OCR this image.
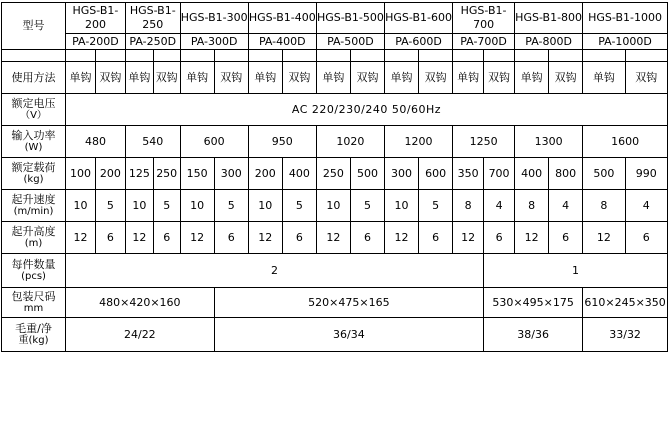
型号	HGS-B1-200		HGS-B1-250		HGS-B1-300		HGS-B1-400		HGS-B1-500		HGS-B1-600		HGS-B1-700		HGS-B1-800		HGS-B1-1000	
	PA-200D		PA-250D		PA-300D		PA-400D		PA-500D		PA-600D		PA-700D		PA-800D		PA-1000D	

使用方法	单钩	双钩	单钩	双钩	单钩	双钩	单钩	双钩	单钩	双钩	单钩	双钩	单钩	双钩	单钩	双钩	单钩	双钩
额定电压
（V）	AC 220/230/240 50/60Hz																	
输入功率
(W)	480		540		600		950		1020		1200		1250		1300		1600	
额定载荷
(kg)	100	200	125	250	150	300	200	400	250	500	300	600	350	700	400	800	500	990
起升速度
(m/min)	10	5	10	5	10	5	10	5	10	5	10	5	8	4	8	4	8	4
起升高度
(m)	12	6	12	6	12	6	12	6	12	6	12	6	12	6	12	6	12	6
每件数量
(pcs)	2													1				
包装尺码
mm	480×420×160					520×475×165								530×495×175			610×245×350	
毛重/净
重(kg)	24/22					36/34								38/36			33/32	
